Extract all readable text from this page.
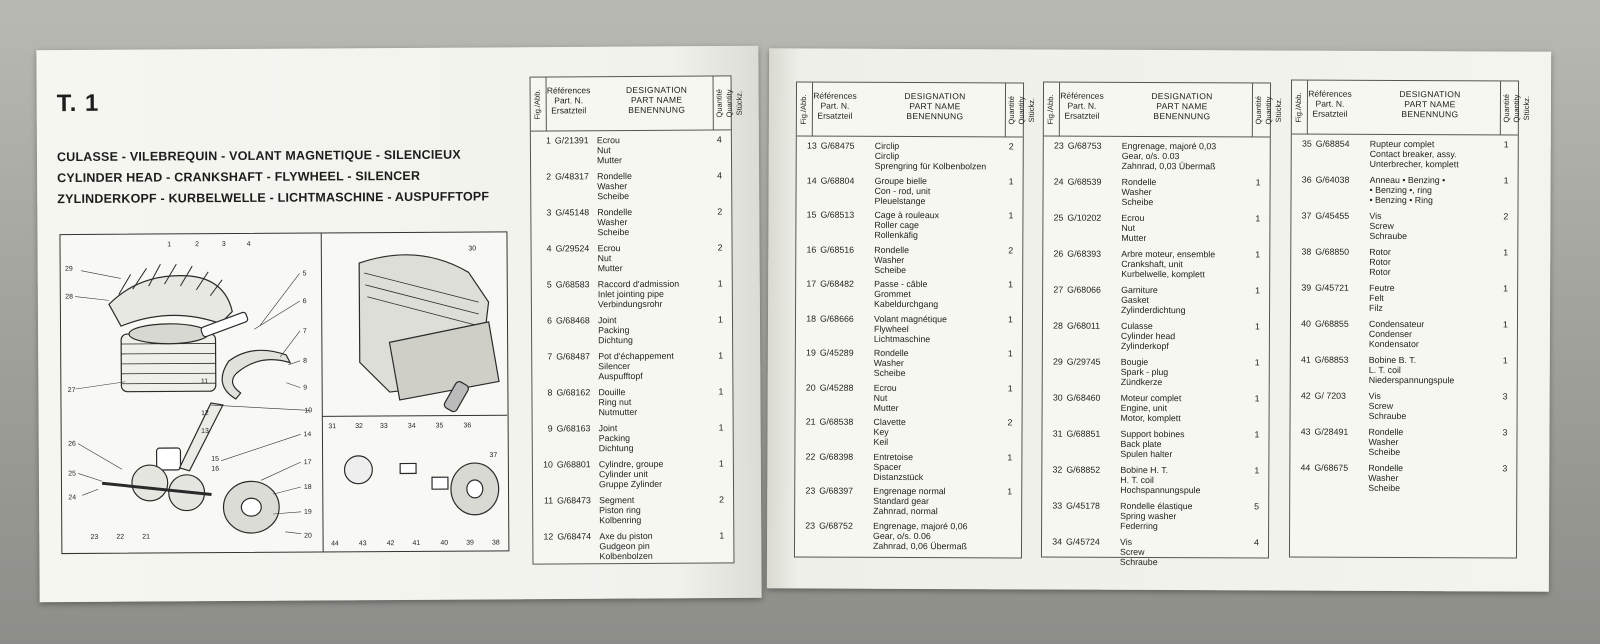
T. 1
CULASSE - VILEBREQUIN - VOLANT MAGNETIQUE - SILENCIEUX
CYLINDER HEAD - CRANKSHAFT - FLYWHEEL - SILENCER
ZYLINDERKOPF - KURBELWELLE - LICHTMASCHINE - AUSPUFFTOPF
1	2	3	4
5
6
7
8
9
10
11
12
13	14
15
16
17
18
19
20
21
22
23
24
25
26
27
28
29
30
31	32 33	34	35	36
37
38
39
40
41
42
43
44
Fig./Abb. Références
Part. N.
Ersatzteil
DESIGNATION
PART NAME
BENENNUNG	Quantité Quantity Stückz.
1 G/21391 Ecrou
Nut
Mutter
4
2 G/48317 Rondelle
Washer
Scheibe
4
3 G/45148 Rondelle
Washer
Scheibe
2
4 G/29524 Ecrou
Nut
Mutter
2
5 G/68583 Raccord d'admission
Inlet jointing pipe
Verbindungsrohr
1
6 G/68468 Joint
Packing
Dichtung
1
7 G/68487 Pot d'échappement
Silencer
Auspufftopf
1
8 G/68162 Douille
Ring nut
Nutmutter
1
9 G/68163 Joint
Packing
Dichtung
1
10 G/68801 Cylindre, groupe
Cylinder unit
Gruppe Zylinder
1
11 G/68473 Segment
Piston ring
Kolbenring
2
12 G/68474 Axe du piston
Gudgeon pin
Kolbenbolzen
1
Fig./Abb. Références
Part. N.
Ersatzteil
DESIGNATION
PART NAME
BENENNUNG	Quantité Quantity Stückz.
13 G/68475 Circlip
Circlip
Sprengring für Kolbenbolzen
2
14 G/68804 Groupe bielle
Con - rod, unit
Pleuelstange
1
15 G/68513 Cage à rouleaux
Roller cage
Rollenkäfig
1
16 G/68516 Rondelle
Washer
Scheibe
2
17 G/68482 Passe - câble
Grommet
Kabeldurchgang
1
18 G/68666 Volant magnétique
Flywheel
Lichtmaschine
1
19 G/45289 Rondelle
Washer
Scheibe
1
20 G/45288 Ecrou
Nut
Mutter
1
21 G/68538 Clavette
Key
Keil
2
22 G/68398 Entretoise
Spacer
Distanzstück
1
23 G/68397 Engrenage normal
Standard gear
Zahnrad, normal
1
23 G/68752 Engrenage, majoré 0,06
Gear, o/s. 0.06
Zahnrad, 0,06 Übermaß
Fig./Abb. Références
Part. N.
Ersatzteil
DESIGNATION
PART NAME
BENENNUNG	Quantité Quantity Stückz.
23 G/68753 Engrenage, majoré 0,03
Gear, o/s. 0.03
Zahnrad, 0,03 Übermaß
24 G/68539 Rondelle
Washer
Scheibe
1
25 G/10202 Ecrou
Nut
Mutter
1
26 G/68393 Arbre moteur, ensemble
Crankshaft, unit
Kurbelwelle, komplett
1
27 G/68066 Garniture
Gasket
Zylinderdichtung
1
28 G/68011 Culasse
Cylinder head
Zylinderkopf
1
29 G/29745 Bougie
Spark - plug
Zündkerze
1
30 G/68460 Moteur complet
Engine, unit
Motor, komplett
1
31 G/68851 Support bobines
Back plate
Spulen halter
1
32 G/68852 Bobine H. T.
H. T. coil
Hochspannungspule
1
33 G/45178 Rondelle élastique
Spring washer
Federring
5
34 G/45724 Vis
Screw
Schraube
4
Fig./Abb. Références
Part. N.
Ersatzteil
DESIGNATION
PART NAME
BENENNUNG	Quantité Quantity Stückz.
35 G/68854 Rupteur complet
Contact breaker, assy.
Unterbrecher, komplett
1
36 G/64038 Anneau • Benzing •
• Benzing •, ring
• Benzing • Ring
1
37 G/45455 Vis
Screw
Schraube
2
38 G/68850 Rotor
Rotor
Rotor
1
39 G/45721 Feutre
Felt
Filz
1
40 G/68855 Condensateur
Condenser
Kondensator
1
41 G/68853 Bobine B. T.
L. T. coil
Niederspannungspule
1
42 G/ 7203	Vis
Screw
Schraube
3
43 G/28491 Rondelle
Washer
Scheibe
3
44 G/68675 Rondelle
Washer
Scheibe
3
